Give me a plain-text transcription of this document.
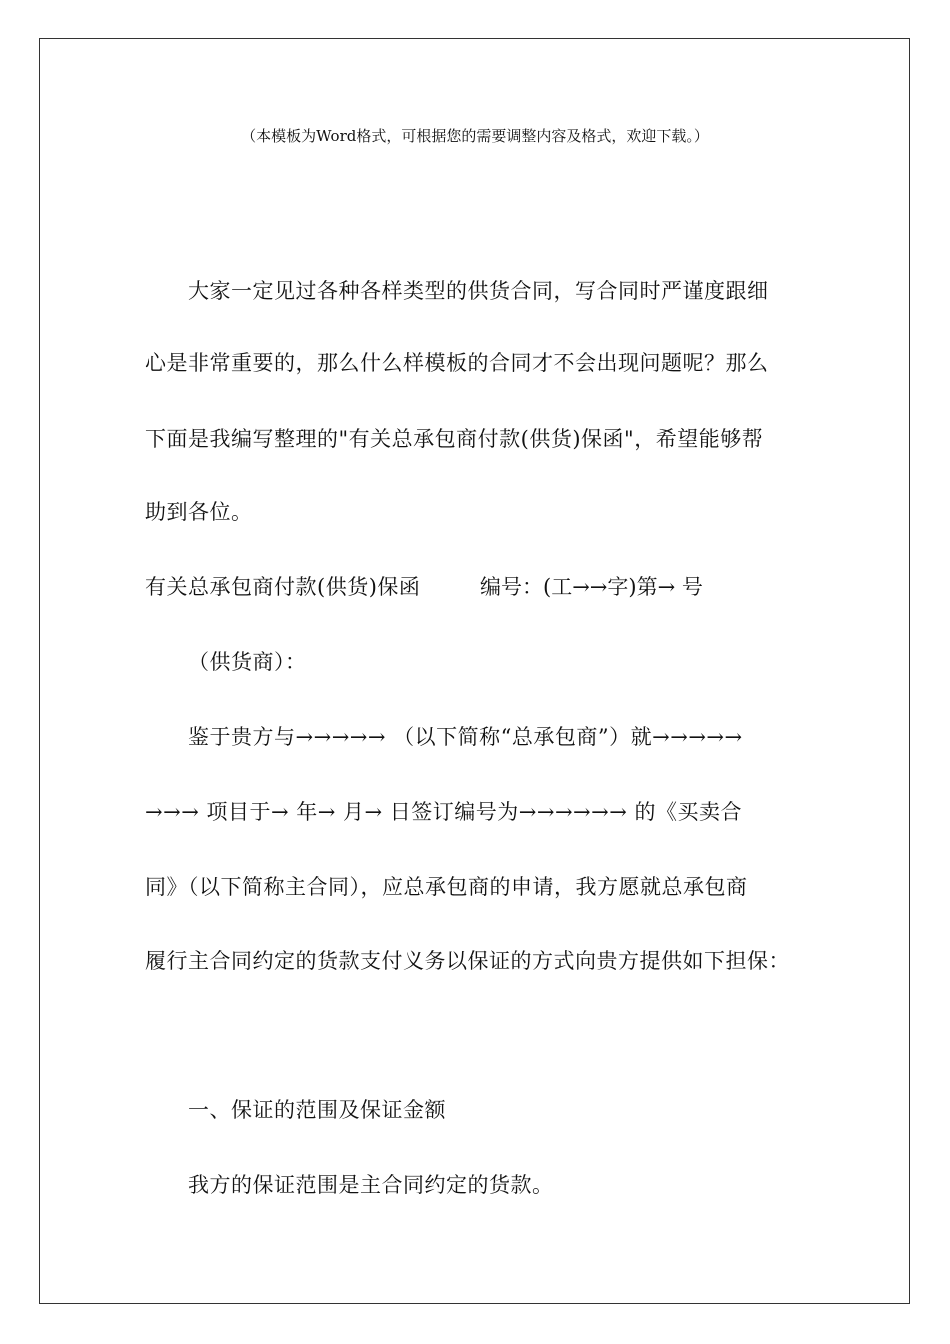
（本模板为Word格式，可根据您的需要调整内容及格式，欢迎下载。）
大家一定见过各种各样类型的供货合同，写合同时严谨度跟细
心是非常重要的，那么什么样模板的合同才不会出现问题呢？那么
下面是我编写整理的"有关总承包商付款(供货)保函"，希望能够帮
助到各位。
有关总承包商付款(供货)保函	编号：(工→→字)第→ 号
（供货商）：
鉴于贵方与→→→→→ （以下简称“总承包商”）就→→→→→
→→→ 项目于→ 年→ 月→ 日签订编号为→→→→→→ 的《买卖合
同》（以下简称主合同），应总承包商的申请，我方愿就总承包商
履行主合同约定的货款支付义务以保证的方式向贵方提供如下担保：
一、保证的范围及保证金额
我方的保证范围是主合同约定的货款。
